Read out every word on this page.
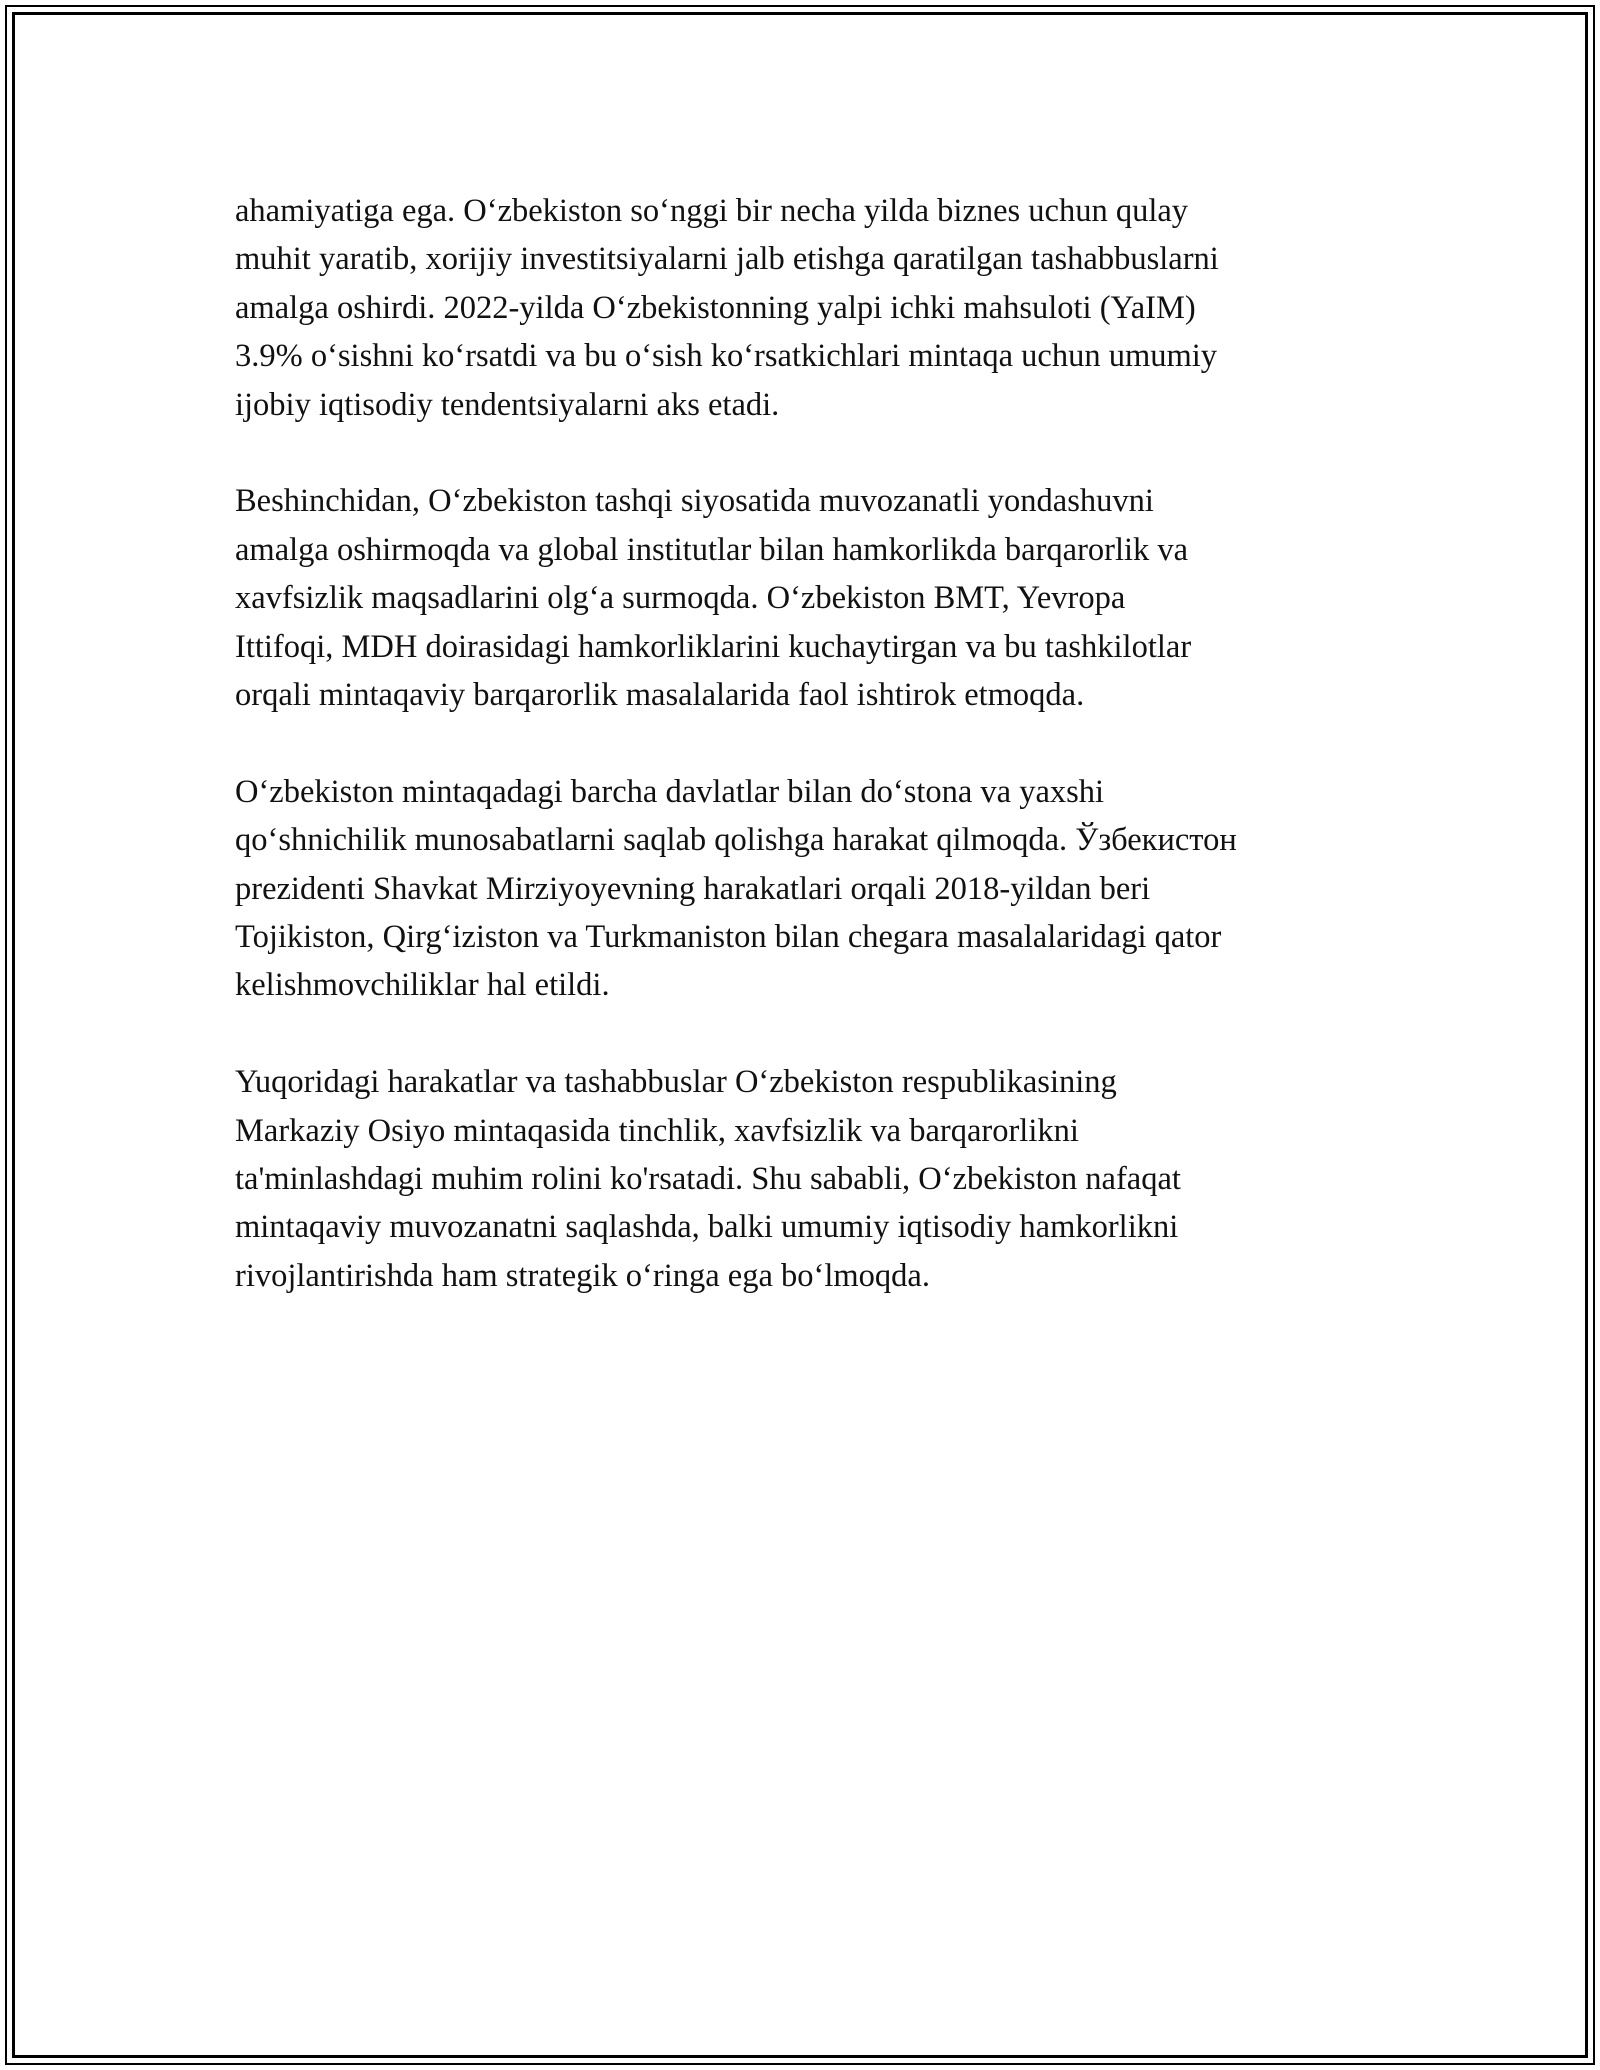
ahamiyatiga ega. O‘zbekiston so‘nggi bir necha yilda biznes uchun qulay
muhit yaratib, xorijiy investitsiyalarni jalb etishga qaratilgan tashabbuslarni
amalga oshirdi. 2022-yilda O‘zbekistonning yalpi ichki mahsuloti (YaIM)
3.9% o‘sishni ko‘rsatdi va bu o‘sish ko‘rsatkichlari mintaqa uchun umumiy
ijobiy iqtisodiy tendentsiyalarni aks etadi.

Beshinchidan, O‘zbekiston tashqi siyosatida muvozanatli yondashuvni
amalga oshirmoqda va global institutlar bilan hamkorlikda barqarorlik va
xavfsizlik maqsadlarini olg‘a surmoqda. O‘zbekiston BMT, Yevropa
Ittifoqi, MDH doirasidagi hamkorliklarini kuchaytirgan va bu tashkilotlar
orqali mintaqaviy barqarorlik masalalarida faol ishtirok etmoqda.

O‘zbekiston mintaqadagi barcha davlatlar bilan do‘stona va yaxshi
qo‘shnichilik munosabatlarni saqlab qolishga harakat qilmoqda. Ўзбекистон
prezidenti Shavkat Mirziyoyevning harakatlari orqali 2018-yildan beri
Tojikiston, Qirg‘iziston va Turkmaniston bilan chegara masalalaridagi qator
kelishmovchiliklar hal etildi.

Yuqoridagi harakatlar va tashabbuslar O‘zbekiston respublikasining
Markaziy Osiyo mintaqasida tinchlik, xavfsizlik va barqarorlikni
ta'minlashdagi muhim rolini ko'rsatadi. Shu sababli, O‘zbekiston nafaqat
mintaqaviy muvozanatni saqlashda, balki umumiy iqtisodiy hamkorlikni
rivojlantirishda ham strategik o‘ringa ega bo‘lmoqda.
